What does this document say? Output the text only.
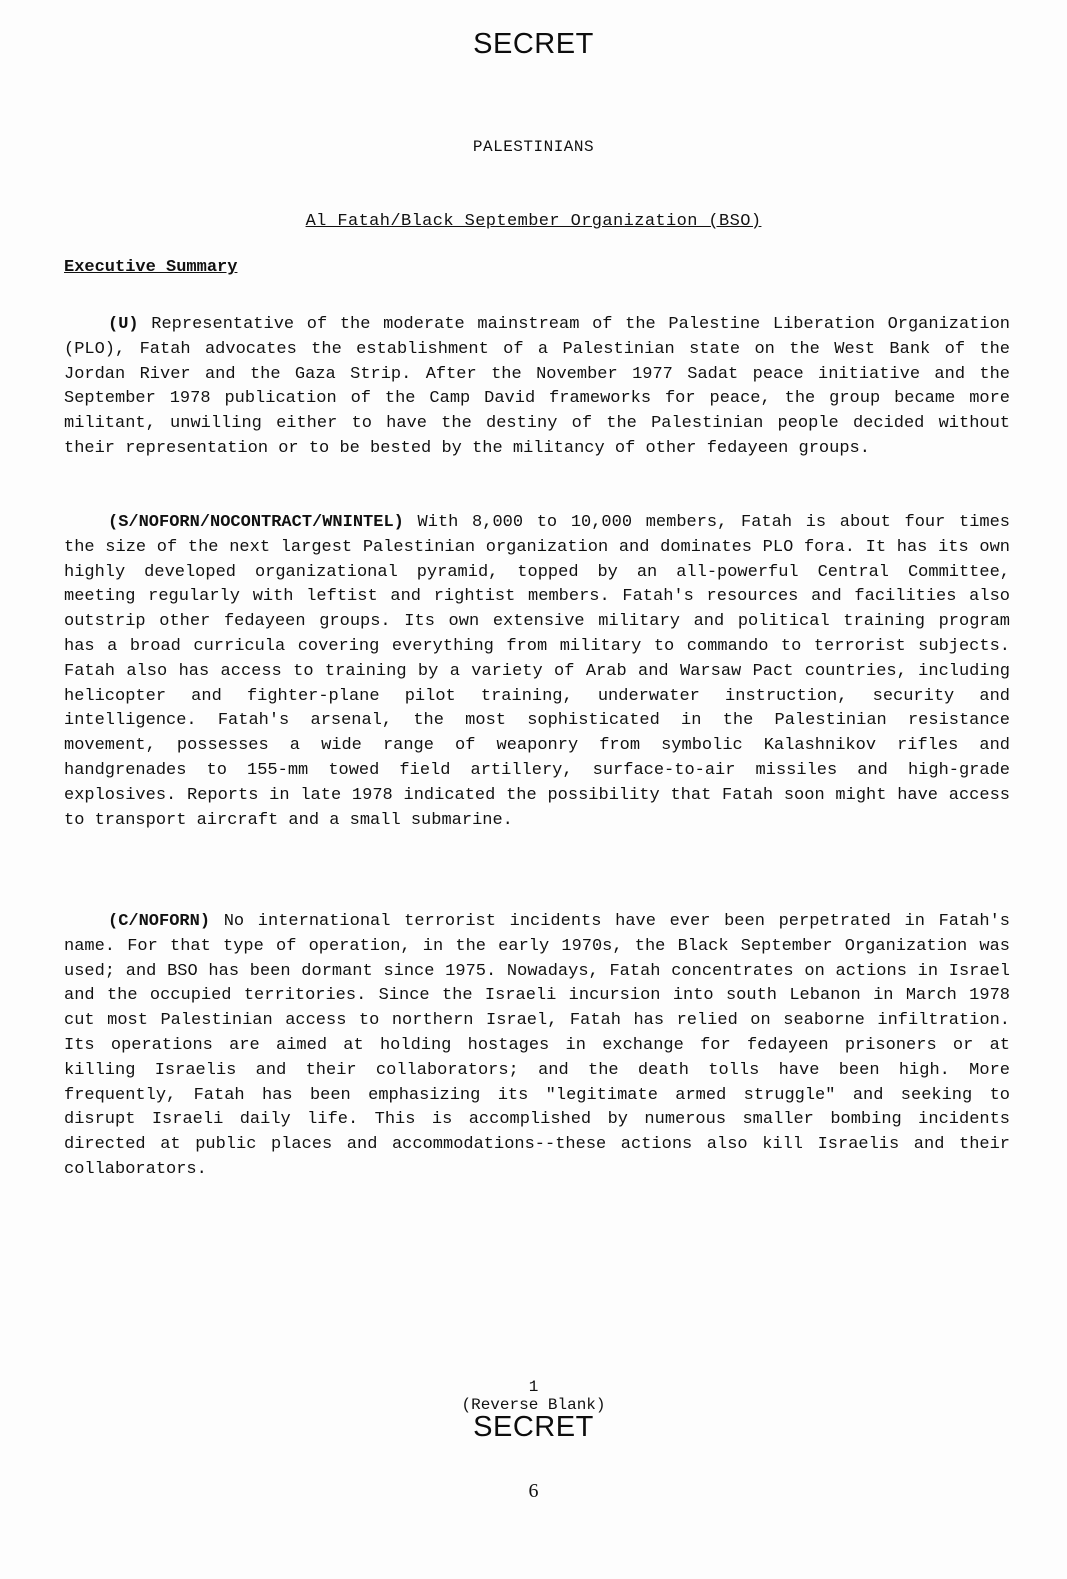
SECRET
PALESTINIANS
Al Fatah/Black September Organization (BSO)
Executive Summary

(U) Representative of the moderate mainstream of the Palestine Liberation Organization (PLO), Fatah advocates the establishment of a Palestinian state on the West Bank of the Jordan River and the Gaza Strip. After the November 1977 Sadat peace initiative and the September 1978 publication of the Camp David frameworks for peace, the group became more militant, unwilling either to have the destiny of the Palestinian people decided without their representation or to be bested by the militancy of other fedayeen groups.

(S/NOFORN/NOCONTRACT/WNINTEL) With 8,000 to 10,000 members, Fatah is about four times the size of the next largest Palestinian organization and dominates PLO fora. It has its own highly developed organizational pyramid, topped by an all-powerful Central Committee, meeting regularly with leftist and rightist members. Fatah's resources and facilities also outstrip other fedayeen groups. Its own extensive military and political training program has a broad curricula covering everything from military to commando to terrorist subjects. Fatah also has access to training by a variety of Arab and Warsaw Pact countries, including helicopter and fighter-plane pilot training, underwater instruction, security and intelligence. Fatah's arsenal, the most sophisticated in the Palestinian resistance movement, possesses a wide range of weaponry from symbolic Kalashnikov rifles and handgrenades to 155-mm towed field artillery, surface-to-air missiles and high-grade explosives. Reports in late 1978 indicated the possibility that Fatah soon might have access to transport aircraft and a small submarine.

(C/NOFORN) No international terrorist incidents have ever been perpetrated in Fatah's name. For that type of operation, in the early 1970s, the Black September Organization was used; and BSO has been dormant since 1975. Nowadays, Fatah concentrates on actions in Israel and the occupied territories. Since the Israeli incursion into south Lebanon in March 1978 cut most Palestinian access to northern Israel, Fatah has relied on seaborne infiltration. Its operations are aimed at holding hostages in exchange for fedayeen prisoners or at killing Israelis and their collaborators; and the death tolls have been high. More frequently, Fatah has been emphasizing its "legitimate armed struggle" and seeking to disrupt Israeli daily life. This is accomplished by numerous smaller bombing incidents directed at public places and accommodations--these actions also kill Israelis and their collaborators.

1
(Reverse Blank)
SECRET
6
